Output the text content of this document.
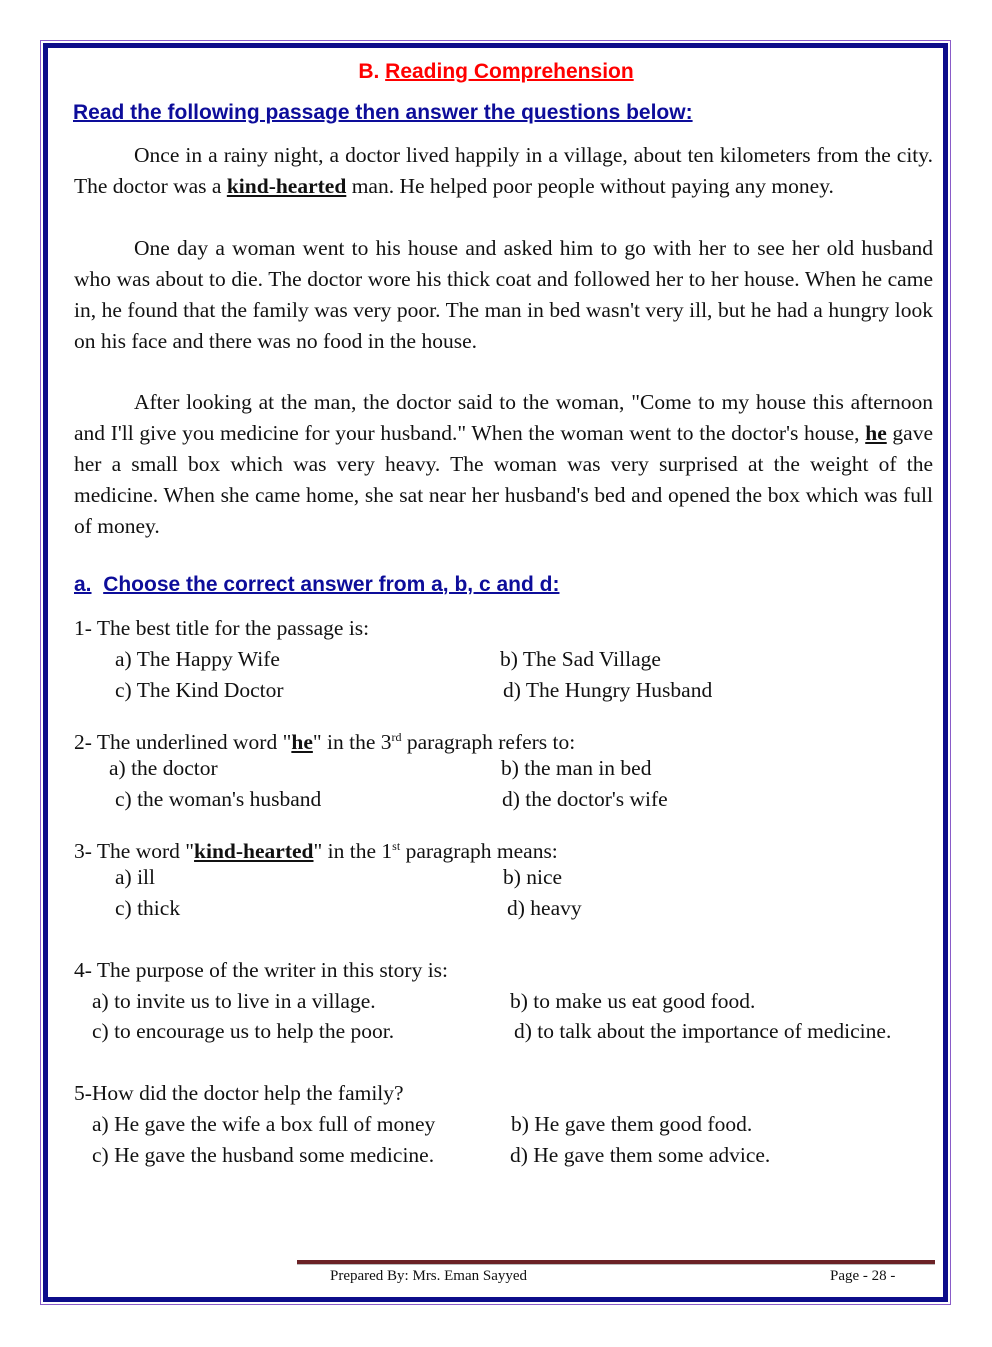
B. Reading Comprehension
Read the following passage then answer the questions below:
Once in a rainy night, a doctor lived happily in a village, about ten kilometers from the city. The doctor was a kind-hearted man. He helped poor people without paying any money.
One day a woman went to his house and asked him to go with her to see her old husband who was about to die. The doctor wore his thick coat and followed her to her house. When he came in, he found that the family was very poor. The man in bed wasn't very ill, but he had a hungry look on his face and there was no food in the house.
After looking at the man, the doctor said to the woman, "Come to my house this afternoon and I'll give you medicine for your husband." When the woman went to the doctor's house, he gave her a small box which was very heavy. The woman was very surprised at the weight of the medicine. When she came home, she sat near her husband's bed and opened the box which was full of money.
a. Choose the correct answer from a, b, c and d:
1- The best title for the passage is:
a) The Happy Wife	b) The Sad Village
c) The Kind Doctor	d) The Hungry Husband
2- The underlined word "he" in the 3rd paragraph refers to:
a) the doctor	b) the man in bed
c) the woman's husband	d) the doctor's wife
3- The word "kind-hearted" in the 1st paragraph means:
a) ill	b) nice
c) thick	d) heavy
4- The purpose of the writer in this story is:
a) to invite us to live in a village.	b) to make us eat good food.
c) to encourage us to help the poor.	d) to talk about the importance of medicine.
5-How did the doctor help the family?
a) He gave the wife a box full of money	b) He gave them good food.
c) He gave the husband some medicine.	d) He gave them some advice.
Prepared By: Mrs. Eman Sayyed	Page - 28 -
